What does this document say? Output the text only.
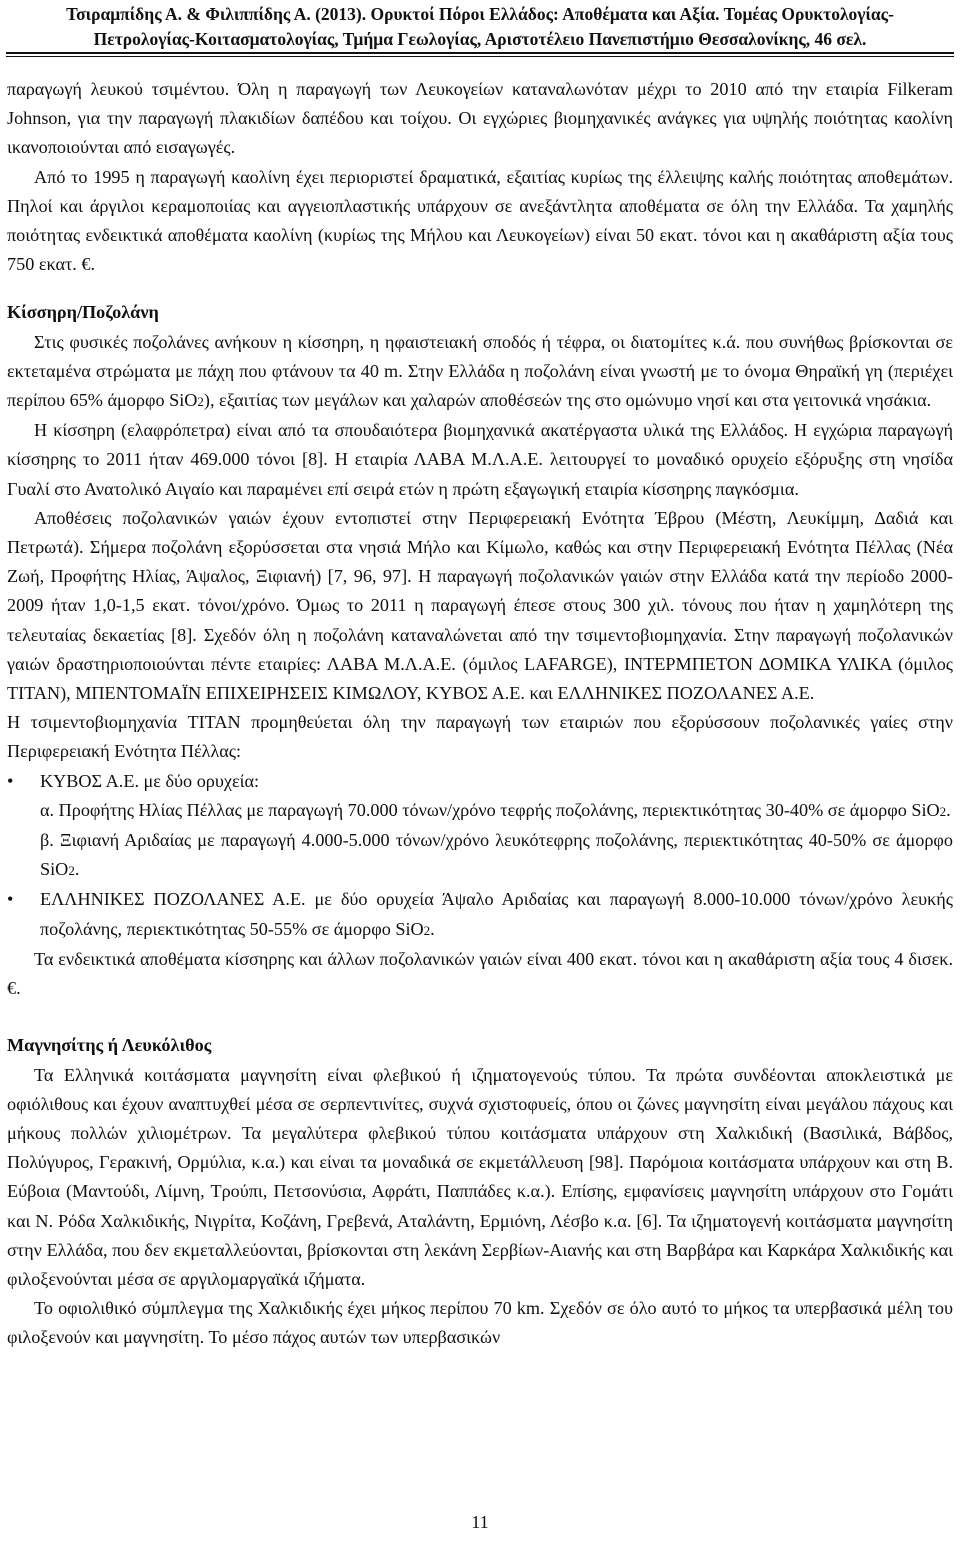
Τσιραμπίδης Α. & Φιλιππίδης Α. (2013). Ορυκτοί Πόροι Ελλάδος: Αποθέματα και Αξία. Τομέας Ορυκτολογίας-
Πετρολογίας-Κοιτασματολογίας, Τμήμα Γεωλογίας, Αριστοτέλειο Πανεπιστήμιο Θεσσαλονίκης, 46 σελ.

παραγωγή λευκού τσιμέντου. Όλη η παραγωγή των Λευκογείων καταναλωνόταν μέχρι το 2010 από την εταιρία Filkeram Johnson, για την παραγωγή πλακιδίων δαπέδου και τοίχου. Οι εγχώριες βιομηχανικές ανάγκες για υψηλής ποιότητας καολίνη ικανοποιούνται από εισαγωγές.

Από το 1995 η παραγωγή καολίνη έχει περιοριστεί δραματικά, εξαιτίας κυρίως της έλλειψης καλής ποιότητας αποθεμάτων. Πηλοί και άργιλοι κεραμοποιίας και αγγειοπλαστικής υπάρχουν σε ανεξάντλητα αποθέματα σε όλη την Ελλάδα. Τα χαμηλής ποιότητας ενδεικτικά αποθέματα καολίνη (κυρίως της Μήλου και Λευκογείων) είναι 50 εκατ. τόνοι και η ακαθάριστη αξία τους 750 εκατ. €.

Κίσσηρη/Ποζολάνη

Στις φυσικές ποζολάνες ανήκουν η κίσσηρη, η ηφαιστειακή σποδός ή τέφρα, οι διατομίτες κ.ά. που συνήθως βρίσκονται σε εκτεταμένα στρώματα με πάχη που φτάνουν τα 40 m. Στην Ελλάδα η ποζολάνη είναι γνωστή με το όνομα Θηραϊκή γη (περιέχει περίπου 65% άμορφο SiO2), εξαιτίας των μεγάλων και χαλαρών αποθέσεών της στο ομώνυμο νησί και στα γειτονικά νησάκια.

Η κίσσηρη (ελαφρόπετρα) είναι από τα σπουδαιότερα βιομηχανικά ακατέργαστα υλικά της Ελλάδος. Η εγχώρια παραγωγή κίσσηρης το 2011 ήταν 469.000 τόνοι [8]. Η εταιρία ΛΑΒΑ Μ.Λ.Α.Ε. λειτουργεί το μοναδικό ορυχείο εξόρυξης στη νησίδα Γυαλί στο Ανατολικό Αιγαίο και παραμένει επί σειρά ετών η πρώτη εξαγωγική εταιρία κίσσηρης παγκόσμια.

Αποθέσεις ποζολανικών γαιών έχουν εντοπιστεί στην Περιφερειακή Ενότητα Έβρου (Μέστη, Λευκίμμη, Δαδιά και Πετρωτά). Σήμερα ποζολάνη εξορύσσεται στα νησιά Μήλο και Κίμωλο, καθώς και στην Περιφερειακή Ενότητα Πέλλας (Νέα Ζωή, Προφήτης Ηλίας, Άψαλος, Ξιφιανή) [7, 96, 97]. Η παραγωγή ποζολανικών γαιών στην Ελλάδα κατά την περίοδο 2000-2009 ήταν 1,0-1,5 εκατ. τόνοι/χρόνο. Όμως το 2011 η παραγωγή έπεσε στους 300 χιλ. τόνους που ήταν η χαμηλότερη της τελευταίας δεκαετίας [8]. Σχεδόν όλη η ποζολάνη καταναλώνεται από την τσιμεντοβιομηχανία. Στην παραγωγή ποζολανικών γαιών δραστηριοποιούνται πέντε εταιρίες: ΛΑΒΑ Μ.Λ.Α.Ε. (όμιλος LAFARGE), ΙΝΤΕΡΜΠΕΤΟΝ ΔΟΜΙΚΑ ΥΛΙΚΑ (όμιλος TITAN), ΜΠΕΝΤΟΜΑΪΝ ΕΠΙΧΕΙΡΗΣΕΙΣ ΚΙΜΩΛΟΥ, ΚΥΒΟΣ Α.Ε. και ΕΛΛΗΝΙΚΕΣ ΠΟΖΟΛΑΝΕΣ Α.Ε.

Η τσιμεντοβιομηχανία TITAN προμηθεύεται όλη την παραγωγή των εταιριών που εξορύσσουν ποζολανικές γαίες στην Περιφερειακή Ενότητα Πέλλας:

• ΚΥΒΟΣ Α.Ε. με δύο ορυχεία:
α. Προφήτης Ηλίας Πέλλας με παραγωγή 70.000 τόνων/χρόνο τεφρής ποζολάνης, περιεκτικότητας 30-40% σε άμορφο SiO2.
β. Ξιφιανή Αριδαίας με παραγωγή 4.000-5.000 τόνων/χρόνο λευκότεφρης ποζολάνης, περιεκτικότητας 40-50% σε άμορφο SiO2.
• ΕΛΛΗΝΙΚΕΣ ΠΟΖΟΛΑΝΕΣ Α.Ε. με δύο ορυχεία Άψαλο Αριδαίας και παραγωγή 8.000-10.000 τόνων/χρόνο λευκής ποζολάνης, περιεκτικότητας 50-55% σε άμορφο SiO2.

Τα ενδεικτικά αποθέματα κίσσηρης και άλλων ποζολανικών γαιών είναι 400 εκατ. τόνοι και η ακαθάριστη αξία τους 4 δισεκ. €.

Μαγνησίτης ή Λευκόλιθος

Τα Ελληνικά κοιτάσματα μαγνησίτη είναι φλεβικού ή ιζηματογενούς τύπου. Τα πρώτα συνδέονται αποκλειστικά με οφιόλιθους και έχουν αναπτυχθεί μέσα σε σερπεντινίτες, συχνά σχιστοφυείς, όπου οι ζώνες μαγνησίτη είναι μεγάλου πάχους και μήκους πολλών χιλιομέτρων. Τα μεγαλύτερα φλεβικού τύπου κοιτάσματα υπάρχουν στη Χαλκιδική (Βασιλικά, Βάβδος, Πολύγυρος, Γερακινή, Ορμύλια, κ.α.) και είναι τα μοναδικά σε εκμετάλλευση [98]. Παρόμοια κοιτάσματα υπάρχουν και στη Β. Εύβοια (Μαντούδι, Λίμνη, Τρούπι, Πετσονύσια, Αφράτι, Παππάδες κ.α.). Επίσης, εμφανίσεις μαγνησίτη υπάρχουν στο Γομάτι και Ν. Ρόδα Χαλκιδικής, Νιγρίτα, Κοζάνη, Γρεβενά, Αταλάντη, Ερμιόνη, Λέσβο κ.α. [6]. Τα ιζηματογενή κοιτάσματα μαγνησίτη στην Ελλάδα, που δεν εκμεταλλεύονται, βρίσκονται στη λεκάνη Σερβίων-Αιανής και στη Βαρβάρα και Καρκάρα Χαλκιδικής και φιλοξενούνται μέσα σε αργιλομαργαϊκά ιζήματα.

Το οφιολιθικό σύμπλεγμα της Χαλκιδικής έχει μήκος περίπου 70 km. Σχεδόν σε όλο αυτό το μήκος τα υπερβασικά μέλη του φιλοξενούν και μαγνησίτη. Το μέσο πάχος αυτών των υπερβασικών

11
